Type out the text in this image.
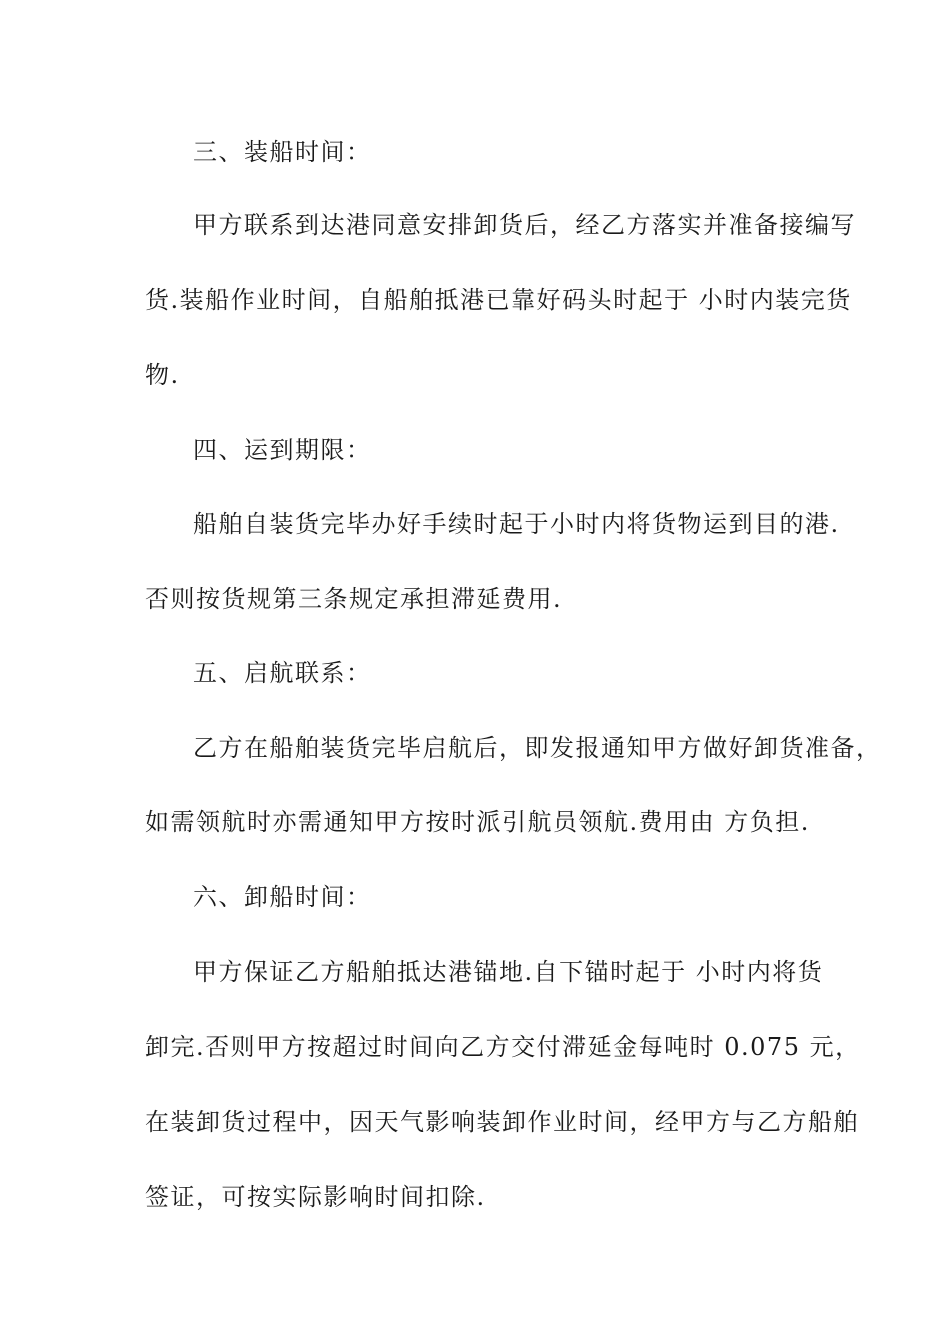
三、装船时间：
甲方联系到达港同意安排卸货后，经乙方落实并准备接编写
货.装船作业时间，自船舶抵港已靠好码头时起于 小时内装完货
物.
四、运到期限：
船舶自装货完毕办好手续时起于小时内将货物运到目的港.
否则按货规第三条规定承担滞延费用.
五、启航联系：
乙方在船舶装货完毕启航后，即发报通知甲方做好卸货准备，
如需领航时亦需通知甲方按时派引航员领航.费用由 方负担.
六、卸船时间：
甲方保证乙方船舶抵达港锚地.自下锚时起于 小时内将货
卸完.否则甲方按超过时间向乙方交付滞延金每吨时 0.075 元，
在装卸货过程中，因天气影响装卸作业时间，经甲方与乙方船舶
签证，可按实际影响时间扣除.
